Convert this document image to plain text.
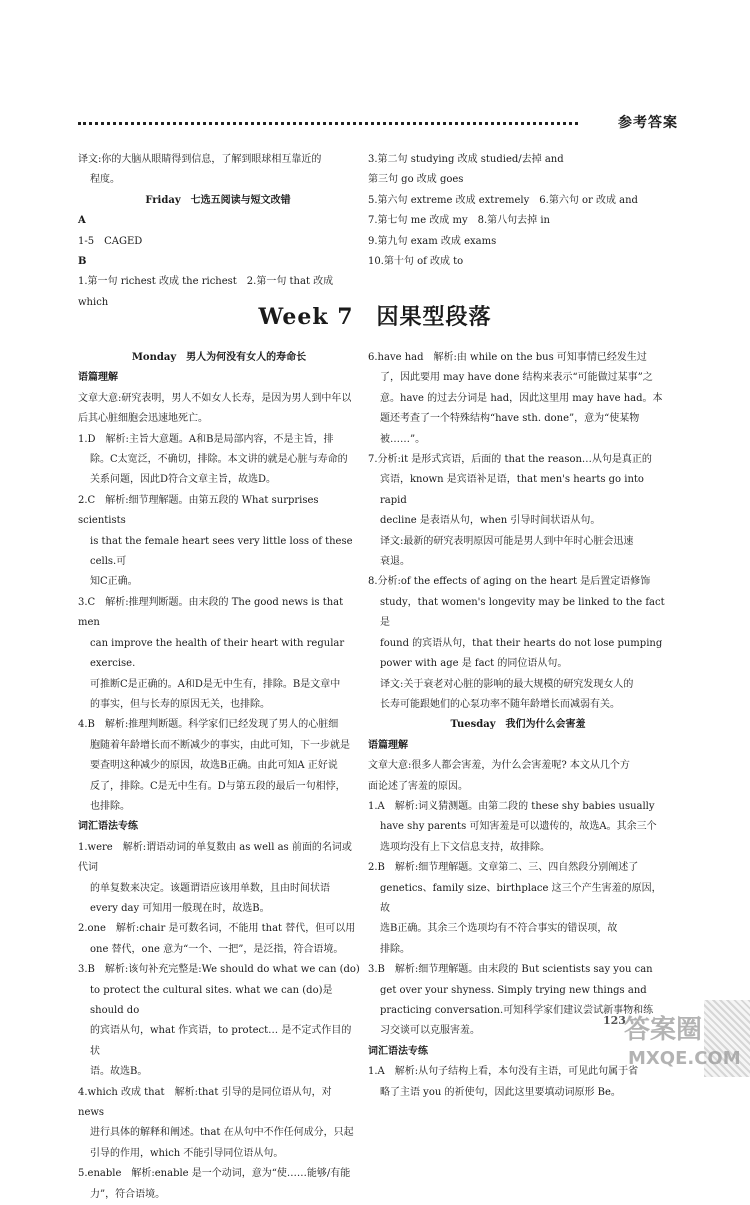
参考答案

译文:你的大脑从眼睛得到信息，了解到眼球相互靠近的

程度。

Friday　七选五阅读与短文改错

A

1-5　CAGED

B

1.第一句 richest 改成 the richest　2.第一句 that 改成 which

3.第二句 studying 改成 studied/去掉 and

第三句 go 改成 goes

5.第六句 extreme 改成 extremely　6.第六句 or 改成 and

7.第七句 me 改成 my　8.第八句去掉 in

9.第九句 exam 改成 exams

10.第十句 of 改成 to

Week 7　因果型段落

Monday　男人为何没有女人的寿命长

语篇理解

文章大意:研究表明，男人不如女人长寿，是因为男人到中年以

后其心脏细胞会迅速地死亡。

1.D　解析:主旨大意题。A和B是局部内容，不是主旨，排

除。C太宽泛，不确切，排除。本文讲的就是心脏与寿命的

关系问题，因此D符合文章主旨，故选D。

2.C　解析:细节理解题。由第五段的 What surprises scientists

is that the female heart sees very little loss of these cells.可

知C正确。

3.C　解析:推理判断题。由末段的 The good news is that men

can improve the health of their heart with regular exercise.

可推断C是正确的。A和D是无中生有，排除。B是文章中

的事实，但与长寿的原因无关，也排除。

4.B　解析:推理判断题。科学家们已经发现了男人的心脏细

胞随着年龄增长而不断减少的事实，由此可知，下一步就是

要查明这种减少的原因，故选B正确。由此可知A 正好说

反了，排除。C是无中生有。D与第五段的最后一句相悖，

也排除。

词汇语法专练

1.were　解析:谓语动词的单复数由 as well as 前面的名词或代词

的单复数来决定。该题谓语应该用单数，且由时间状语

every day 可知用一般现在时，故选B。

2.one　解析:chair 是可数名词，不能用 that 替代，但可以用

one 替代，one 意为“一个、一把”，是泛指，符合语境。

3.B　解析:该句补充完整是:We should do what we can (do)

to protect the cultural sites. what we can (do)是 should do

的宾语从句，what 作宾语，to protect… 是不定式作目的状

语。故选B。

4.which 改成 that　解析:that 引导的是同位语从句，对 news

进行具体的解释和阐述。that 在从句中不作任何成分，只起

引导的作用，which 不能引导同位语从句。

5.enable　解析:enable 是一个动词，意为“使……能够/有能

力”，符合语境。

6.have had　解析:由 while on the bus 可知事情已经发生过

了，因此要用 may have done 结构来表示“可能做过某事”之

意。have 的过去分词是 had，因此这里用 may have had。本

题还考查了一个特殊结构“have sth. done”，意为“使某物

被……”。

7.分析:it 是形式宾语，后面的 that the reason…从句是真正的

宾语，known 是宾语补足语，that men's hearts go into rapid

decline 是表语从句，when 引导时间状语从句。

译文:最新的研究表明原因可能是男人到中年时心脏会迅速

衰退。

8.分析:of the effects of aging on the heart 是后置定语修饰

study，that women's longevity may be linked to the fact 是

found 的宾语从句，that their hearts do not lose pumping

power with age 是 fact 的同位语从句。

译文:关于衰老对心脏的影响的最大规模的研究发现女人的

长寿可能跟她们的心泵功率不随年龄增长而减弱有关。

Tuesday　我们为什么会害羞

语篇理解

文章大意:很多人都会害羞，为什么会害羞呢? 本文从几个方

面论述了害羞的原因。

1.A　解析:词义猜测题。由第二段的 these shy babies usually

have shy parents 可知害羞是可以遗传的，故选A。其余三个

选项均没有上下文信息支持，故排除。

2.B　解析:细节理解题。文章第二、三、四自然段分别阐述了

genetics、family size、birthplace 这三个产生害羞的原因，故

选B正确。其余三个选项均有不符合事实的错误项，故

排除。

3.B　解析:细节理解题。由末段的 But scientists say you can

get over your shyness. Simply trying new things and

practicing conversation.可知科学家们建议尝试新事物和练

习交谈可以克服害羞。

词汇语法专练

1.A　解析:从句子结构上看，本句没有主语，可见此句属于省

略了主语 you 的祈使句，因此这里要填动词原形 Be。

123
答案圈
MXQE.COM
